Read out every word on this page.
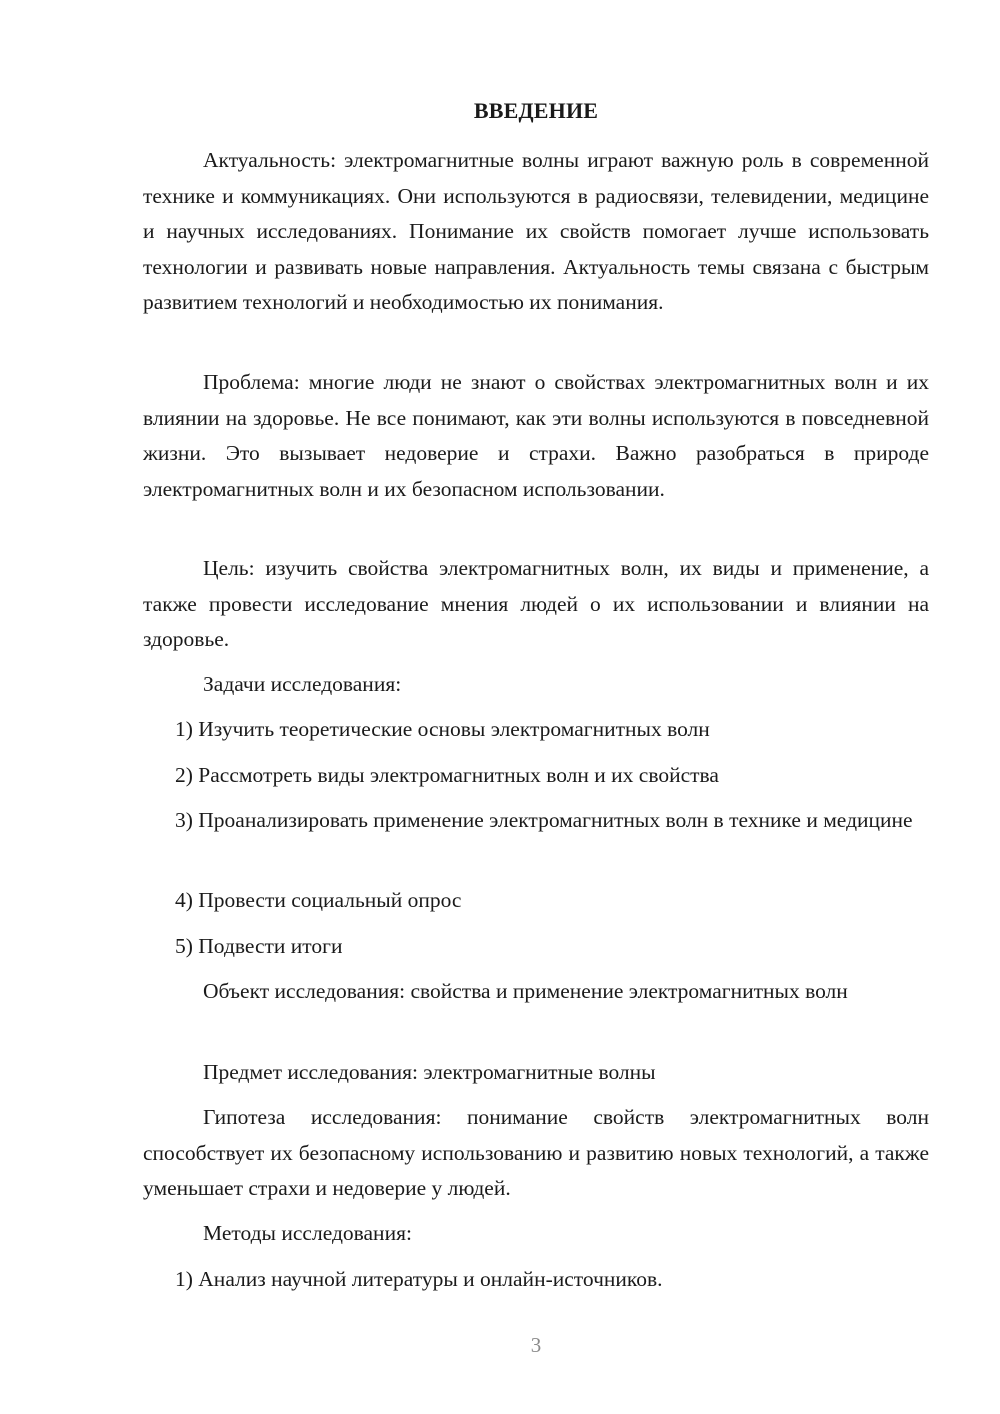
ВВЕДЕНИЕ

Актуальность: электромагнитные волны играют важную роль в современной технике и коммуникациях. Они используются в радиосвязи, телевидении, медицине и научных исследованиях. Понимание их свойств помогает лучше использовать технологии и развивать новые направления. Актуальность темы связана с быстрым развитием технологий и необходимостью их понимания.

Проблема: многие люди не знают о свойствах электромагнитных волн и их влиянии на здоровье. Не все понимают, как эти волны используются в повседневной жизни. Это вызывает недоверие и страхи. Важно разобраться в природе электромагнитных волн и их безопасном использовании.

Цель: изучить свойства электромагнитных волн, их виды и применение, а также провести исследование мнения людей о их использовании и влиянии на здоровье.

Задачи исследования:

1) Изучить теоретические основы электромагнитных волн

2) Рассмотреть виды электромагнитных волн и их свойства

3) Проанализировать применение электромагнитных волн в технике и медицине

4) Провести социальный опрос

5) Подвести итоги

Объект исследования: свойства и применение электромагнитных волн

Предмет исследования: электромагнитные волны

Гипотеза исследования: понимание свойств электромагнитных волн способствует их безопасному использованию и развитию новых технологий, а также уменьшает страхи и недоверие у людей.

Методы исследования:

1) Анализ научной литературы и онлайн-источников.

3
